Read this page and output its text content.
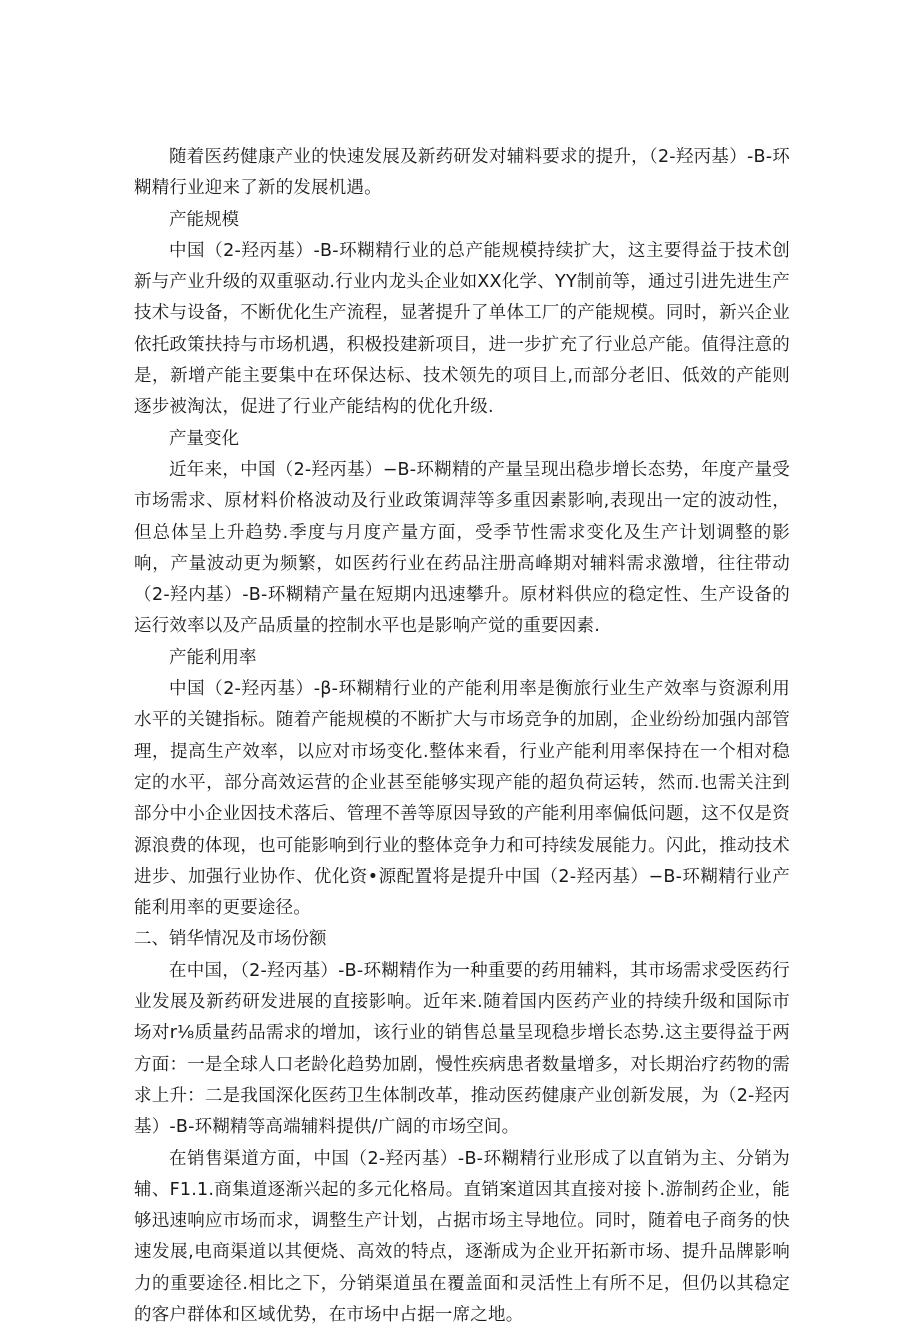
随着医药健康产业的快速发展及新药研发对辅料要求的提升，（2-羟丙基）-B-环糊精行业迎来了新的发展机遇。

产能规模

中国（2-羟丙基）-B-环糊精行业的总产能规模持续扩大，这主要得益于技术创新与产业升级的双重驱动.行业内龙头企业如XX化学、YY制前等，通过引进先进生产技术与设备，不断优化生产流程，显著提升了单体工厂的产能规模。同时，新兴企业依托政策扶持与市场机遇，积极投建新项目，进一步扩充了行业总产能。值得注意的是，新增产能主要集中在环保达标、技术领先的项目上,而部分老旧、低效的产能则逐步被淘汰，促进了行业产能结构的优化升级.

产量变化

近年来，中国（2-羟丙基）−B-环糊精的产量呈现出稳步增长态势，年度产量受市场需求、原材料价格波动及行业政策调萍等多重因素影响,表现出一定的波动性，但总体呈上升趋势.季度与月度产量方面，受季节性需求变化及生产计划调整的影响，产量波动更为频繁，如医药行业在药品注册高峰期对辅料需求激增，往往带动（2-羟内基）-B-环糊精产量在短期内迅速攀升。原材料供应的稳定性、生产设备的运行效率以及产品质量的控制水平也是影响产觉的重要因素.

产能利用率

中国（2-羟丙基）-β-环糊精行业的产能利用率是衡旅行业生产效率与资源利用水平的关键指标。随着产能规模的不断扩大与市场竞争的加剧，企业纷纷加强内部管理，提高生产效率，以应对市场变化.整体来看，行业产能利用率保持在一个相对稳定的水平，部分高效运营的企业甚至能够实现产能的超负荷运转，然而.也需关注到部分中小企业因技术落后、管理不善等原因导致的产能利用率偏低问题，这不仅是资源浪费的体现，也可能影响到行业的整体竞争力和可持续发展能力。闪此，推动技术进步、加强行业协作、优化资•源配置将是提升中国（2-羟丙基）−B-环糊精行业产能利用率的更要途径。

二、销华情况及市场份额

在中国，（2-羟丙基）-B-环糊精作为一种重要的药用辅料，其市场需求受医药行业发展及新药研发进展的直接影响。近年来.随着国内医药产业的持续升级和国际市场对r⅛质量药品需求的增加，该行业的销售总量呈现稳步增长态势.这主要得益于两方面：一是全球人口老龄化趋势加剧，慢性疾病患者数量增多，对长期治疗药物的需求上升：二是我国深化医药卫生体制改革，推动医药健康产业创新发展，为（2-羟丙基）-B-环糊精等高端辅料提供/广阔的市场空间。

在销售渠道方面，中国（2-羟丙基）-B-环糊精行业形成了以直销为主、分销为辅、F1.1.商集道逐渐兴起的多元化格局。直销案道因其直接对接卜.游制药企业，能够迅速响应市场而求，调整生产计划，占据市场主导地位。同时，随着电子商务的快速发展,电商渠道以其便烧、高效的特点，逐渐成为企业开拓新市场、提升品牌影响力的重要途径.相比之下，分销渠道虽在覆盖面和灵活性上有所不足，但仍以其稳定的客户群体和区域优势，在市场中占据一席之地。
